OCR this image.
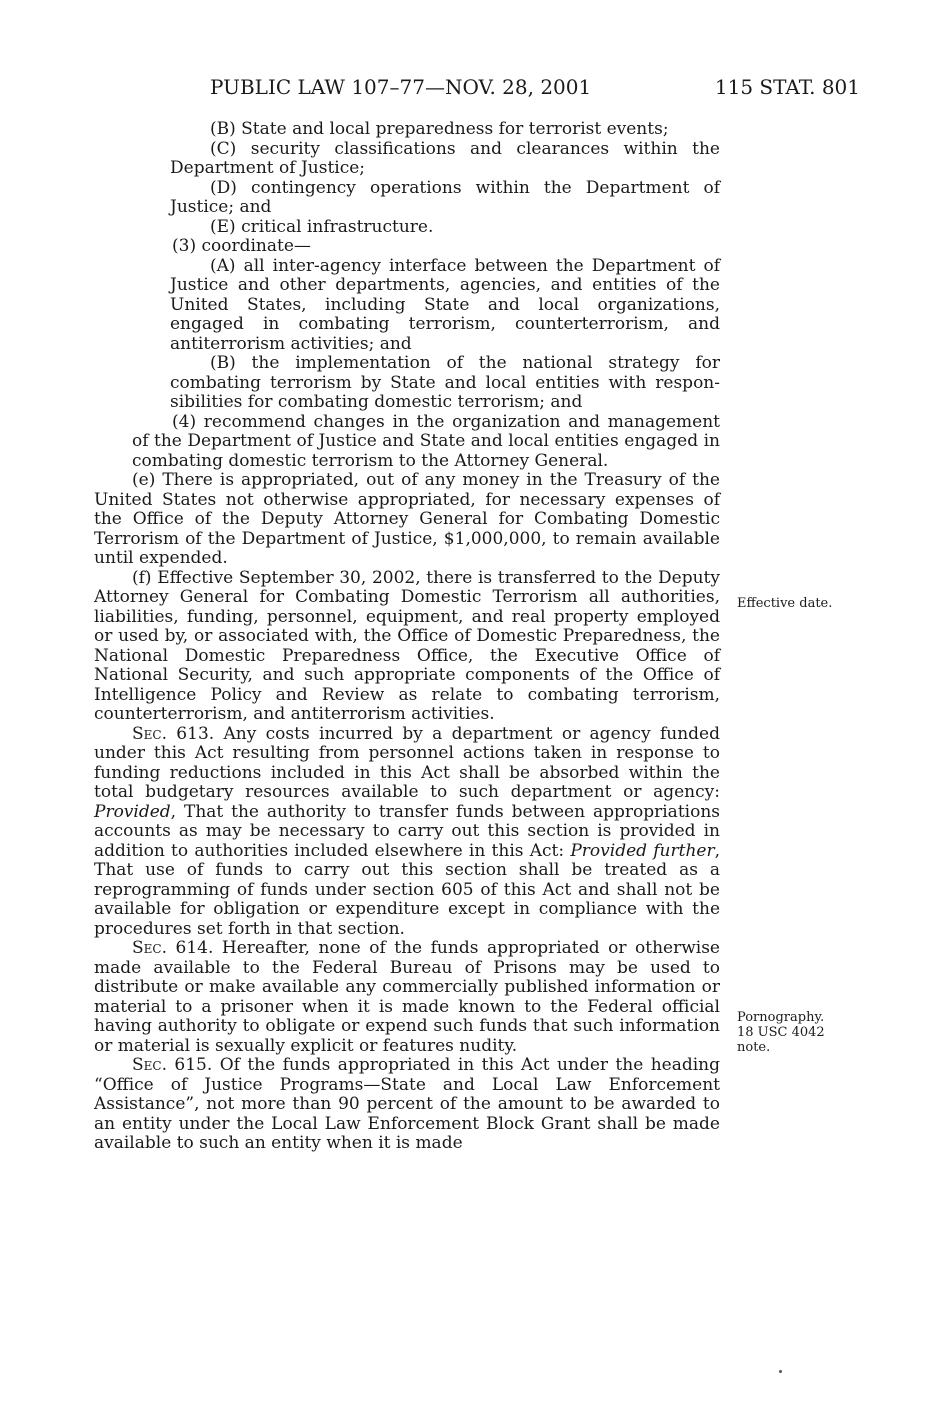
PUBLIC LAW 107–77—NOV. 28, 2001	115 STAT. 801

(B) State and local preparedness for terrorist events;

(C) security classifications and clearances within the Department of Justice;

(D) contingency operations within the Department of Justice; and

(E) critical infrastructure.

(3) coordinate—

(A) all inter-agency interface between the Department of Justice and other departments, agencies, and entities of the United States, including State and local organizations, engaged in combating terrorism, counterterrorism, and antiterrorism activities; and

(B) the implementation of the national strategy for combating terrorism by State and local entities with responsibilities for combating domestic terrorism; and

(4) recommend changes in the organization and management of the Department of Justice and State and local entities engaged in combating domestic terrorism to the Attorney General.

(e) There is appropriated, out of any money in the Treasury of the United States not otherwise appropriated, for necessary expenses of the Office of the Deputy Attorney General for Combating Domestic Terrorism of the Department of Justice, $1,000,000, to remain available until expended.

(f) Effective September 30, 2002, there is transferred to the Deputy Attorney General for Combating Domestic Terrorism all authorities, liabilities, funding, personnel, equipment, and real property employed or used by, or associated with, the Office of Domestic Preparedness, the National Domestic Preparedness Office, the Executive Office of National Security, and such appropriate components of the Office of Intelligence Policy and Review as relate to combating terrorism, counterterrorism, and antiterrorism activities.

Sec. 613. Any costs incurred by a department or agency funded under this Act resulting from personnel actions taken in response to funding reductions included in this Act shall be absorbed within the total budgetary resources available to such department or agency: Provided, That the authority to transfer funds between appropriations accounts as may be necessary to carry out this section is provided in addition to authorities included elsewhere in this Act: Provided further, That use of funds to carry out this section shall be treated as a reprogramming of funds under section 605 of this Act and shall not be available for obligation or expenditure except in compliance with the procedures set forth in that section.

Sec. 614. Hereafter, none of the funds appropriated or otherwise made available to the Federal Bureau of Prisons may be used to distribute or make available any commercially published information or material to a prisoner when it is made known to the Federal official having authority to obligate or expend such funds that such information or material is sexually explicit or features nudity.

Sec. 615. Of the funds appropriated in this Act under the heading “Office of Justice Programs—State and Local Law Enforcement Assistance”, not more than 90 percent of the amount to be awarded to an entity under the Local Law Enforcement Block Grant shall be made available to such an entity when it is made

Effective date.
Pornography.
18 USC 4042
note.
